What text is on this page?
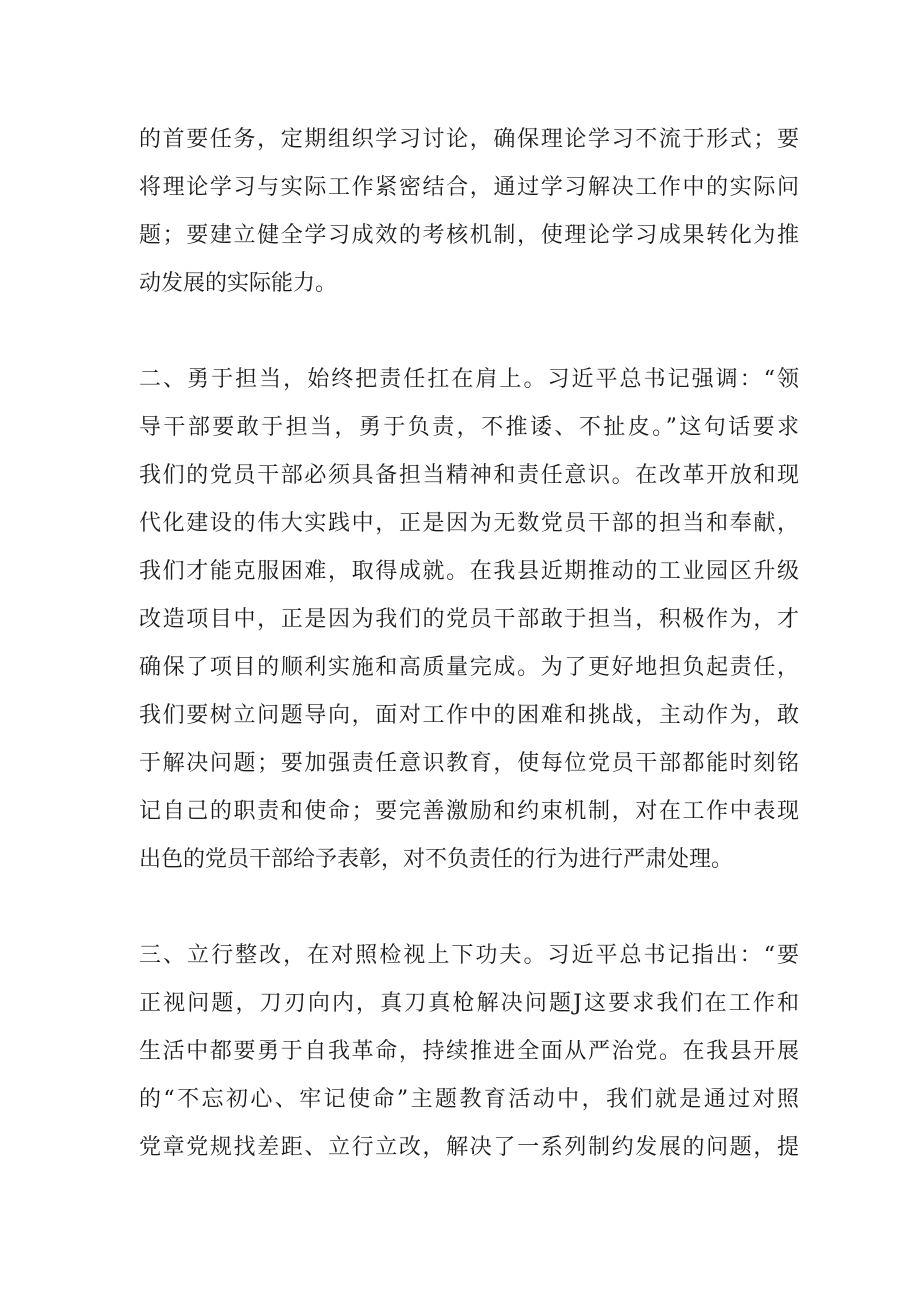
的首要任务，定期组织学习讨论，确保理论学习不流于形式；要
将理论学习与实际工作紧密结合，通过学习解决工作中的实际问
题；要建立健全学习成效的考核机制，使理论学习成果转化为推
动发展的实际能力。
二、勇于担当，始终把责任扛在肩上。习近平总书记强调：“领
导干部要敢于担当，勇于负责，不推诿、不扯皮。”这句话要求
我们的党员干部必须具备担当精神和责任意识。在改革开放和现
代化建设的伟大实践中，正是因为无数党员干部的担当和奉献，
我们才能克服困难，取得成就。在我县近期推动的工业园区升级
改造项目中，正是因为我们的党员干部敢于担当，积极作为，才
确保了项目的顺利实施和高质量完成。为了更好地担负起责任，
我们要树立问题导向，面对工作中的困难和挑战，主动作为，敢
于解决问题；要加强责任意识教育，使每位党员干部都能时刻铭
记自己的职责和使命；要完善激励和约束机制，对在工作中表现
出色的党员干部给予表彰，对不负责任的行为进行严肃处理。
三、立行整改，在对照检视上下功夫。习近平总书记指出：“要
正视问题，刀刃向内，真刀真枪解决问题J这要求我们在工作和
生活中都要勇于自我革命，持续推进全面从严治党。在我县开展
的“不忘初心、牢记使命”主题教育活动中，我们就是通过对照
党章党规找差距、立行立改，解决了一系列制约发展的问题，提
